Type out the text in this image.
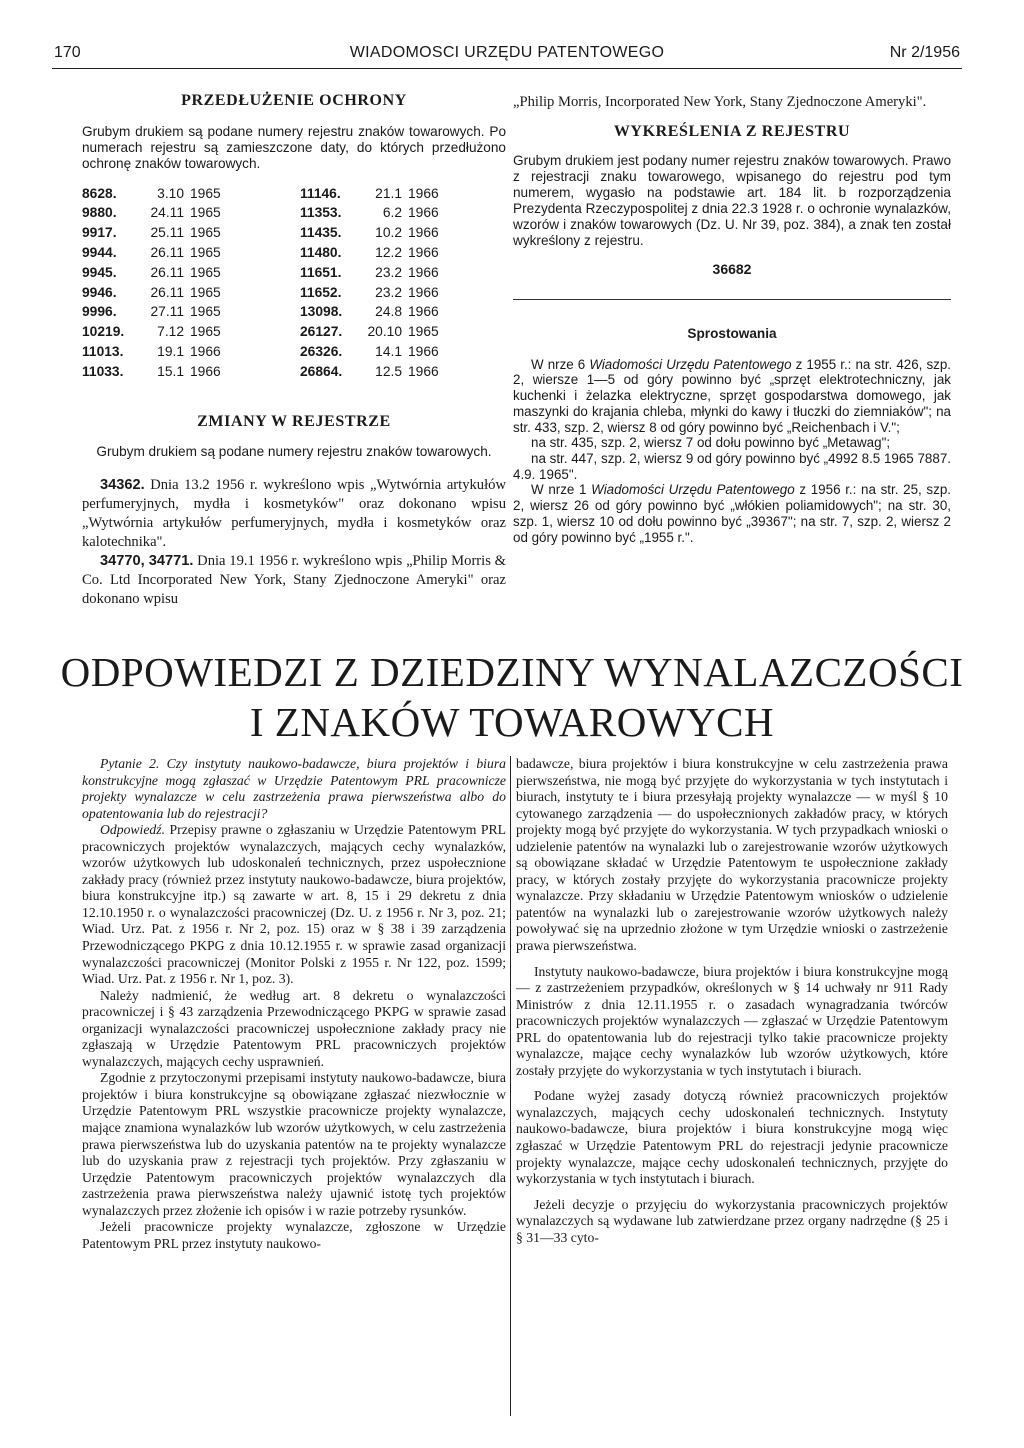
170	WIADOMOSCI URZĘDU PATENTOWEGO	Nr 2/1956

PRZEDŁUŻENIE OCHRONY

Grubym drukiem są podane numery rejestru znaków towarowych. Po numerach rejestru są zamieszczone daty, do których przedłużono ochronę znaków towarowych.

8628.	3.10	1965
9880.	24.11	1965
9917.	25.11	1965
9944.	26.11	1965
9945.	26.11	1965
9946.	26.11	1965
9996.	27.11	1965
10219.	7.12	1965
11013.	19.1	1966
11033.	15.1	1966
11146.	21.1	1966
11353.	6.2	1966
11435.	10.2	1966
11480.	12.2	1966
11651.	23.2	1966
11652.	23.2	1966
13098.	24.8	1966
26127.	20.10	1965
26326.	14.1	1966
26864.	12.5	1966

ZMIANY W REJESTRZE

Grubym drukiem są podane numery rejestru znaków towarowych.

34362. Dnia 13.2 1956 r. wykreślono wpis „Wytwórnia artykułów perfumeryjnych, mydła i kosmetyków" oraz dokonano wpisu „Wytwórnia artykułów perfumeryjnych, mydła i kosmetyków oraz kalotechnika".

34770, 34771. Dnia 19.1 1956 r. wykreślono wpis „Philip Morris & Co. Ltd Incorporated New York, Stany Zjednoczone Ameryki" oraz dokonano wpisu

„Philip Morris, Incorporated New York, Stany Zjednoczone Ameryki".

WYKREŚLENIA Z REJESTRU

Grubym drukiem jest podany numer rejestru znaków towarowych. Prawo z rejestracji znaku towarowego, wpisanego do rejestru pod tym numerem, wygasło na podstawie art. 184 lit. b rozporządzenia Prezydenta Rzeczypospolitej z dnia 22.3 1928 r. o ochronie wynalazków, wzorów i znaków towarowych (Dz. U. Nr 39, poz. 384), a znak ten został wykreślony z rejestru.

36682

Sprostowania

W nrze 6 Wiadomości Urzędu Patentowego z 1955 r.: na str. 426, szp. 2, wiersze 1—5 od góry powinno być „sprzęt elektrotechniczny, jak kuchenki i żelazka elektryczne, sprzęt gospodarstwa domowego, jak maszynki do krajania chleba, młynki do kawy i tłuczki do ziemniaków"; na str. 433, szp. 2, wiersz 8 od góry powinno być „Reichenbach i V.";

na str. 435, szp. 2, wiersz 7 od dołu powinno być „Metawag";

na str. 447, szp. 2, wiersz 9 od góry powinno być „4992 8.5 1965 7887. 4.9. 1965".

W nrze 1 Wiadomości Urzędu Patentowego z 1956 r.: na str. 25, szp. 2, wiersz 26 od góry powinno być „włókien poliamidowych"; na str. 30, szp. 1, wiersz 10 od dołu powinno być „39367"; na str. 7, szp. 2, wiersz 2 od góry powinno być „1955 r.".

ODPOWIEDZI Z DZIEDZINY WYNALAZCZOŚCI
I ZNAKÓW TOWAROWYCH

Pytanie 2. Czy instytuty naukowo-badawcze, biura projektów i biura konstrukcyjne mogą zgłaszać w Urzędzie Patentowym PRL pracownicze projekty wynalazcze w celu zastrzeżenia prawa pierwszeństwa albo do opatentowania lub do rejestracji?

Odpowiedź. Przepisy prawne o zgłaszaniu w Urzędzie Patentowym PRL pracowniczych projektów wynalazczych, mających cechy wynalazków, wzorów użytkowych lub udoskonaleń technicznych, przez uspołecznione zakłady pracy (również przez instytuty naukowo-badawcze, biura projektów, biura konstrukcyjne itp.) są zawarte w art. 8, 15 i 29 dekretu z dnia 12.10.1950 r. o wynalazczości pracowniczej (Dz. U. z 1956 r. Nr 3, poz. 21; Wiad. Urz. Pat. z 1956 r. Nr 2, poz. 15) oraz w § 38 i 39 zarządzenia Przewodniczącego PKPG z dnia 10.12.1955 r. w sprawie zasad organizacji wynalazczości pracowniczej (Monitor Polski z 1955 r. Nr 122, poz. 1599; Wiad. Urz. Pat. z 1956 r. Nr 1, poz. 3).

Należy nadmienić, że według art. 8 dekretu o wynalazczości pracowniczej i § 43 zarządzenia Przewodniczącego PKPG w sprawie zasad organizacji wynalazczości pracowniczej uspołecznione zakłady pracy nie zgłaszają w Urzędzie Patentowym PRL pracowniczych projektów wynalazczych, mających cechy usprawnień.

Zgodnie z przytoczonymi przepisami instytuty naukowo-badawcze, biura projektów i biura konstrukcyjne są obowiązane zgłaszać niezwłocznie w Urzędzie Patentowym PRL wszystkie pracownicze projekty wynalazcze, mające znamiona wynalazków lub wzorów użytkowych, w celu zastrzeżenia prawa pierwszeństwa lub do uzyskania patentów na te projekty wynalazcze lub do uzyskania praw z rejestracji tych projektów. Przy zgłaszaniu w Urzędzie Patentowym pracowniczych projektów wynalazczych dla zastrzeżenia prawa pierwszeństwa należy ujawnić istotę tych projektów wynalazczych przez złożenie ich opisów i w razie potrzeby rysunków.

Jeżeli pracownicze projekty wynalazcze, zgłoszone w Urzędzie Patentowym PRL przez instytuty naukowo-

badawcze, biura projektów i biura konstrukcyjne w celu zastrzeżenia prawa pierwszeństwa, nie mogą być przyjęte do wykorzystania w tych instytutach i biurach, instytuty te i biura przesyłają projekty wynalazcze — w myśl § 10 cytowanego zarządzenia — do uspołecznionych zakładów pracy, w których projekty mogą być przyjęte do wykorzystania. W tych przypadkach wnioski o udzielenie patentów na wynalazki lub o zarejestrowanie wzorów użytkowych są obowiązane składać w Urzędzie Patentowym te uspołecznione zakłady pracy, w których zostały przyjęte do wykorzystania pracownicze projekty wynalazcze. Przy składaniu w Urzędzie Patentowym wniosków o udzielenie patentów na wynalazki lub o zarejestrowanie wzorów użytkowych należy powoływać się na uprzednio złożone w tym Urzędzie wnioski o zastrzeżenie prawa pierwszeństwa.

Instytuty naukowo-badawcze, biura projektów i biura konstrukcyjne mogą — z zastrzeżeniem przypadków, określonych w § 14 uchwały nr 911 Rady Ministrów z dnia 12.11.1955 r. o zasadach wynagradzania twórców pracowniczych projektów wynalazczych — zgłaszać w Urzędzie Patentowym PRL do opatentowania lub do rejestracji tylko takie pracownicze projekty wynalazcze, mające cechy wynalazków lub wzorów użytkowych, które zostały przyjęte do wykorzystania w tych instytutach i biurach.

Podane wyżej zasady dotyczą również pracowniczych projektów wynalazczych, mających cechy udoskonaleń technicznych. Instytuty naukowo-badawcze, biura projektów i biura konstrukcyjne mogą więc zgłaszać w Urzędzie Patentowym PRL do rejestracji jedynie pracownicze projekty wynalazcze, mające cechy udoskonaleń technicznych, przyjęte do wykorzystania w tych instytutach i biurach.

Jeżeli decyzje o przyjęciu do wykorzystania pracowniczych projektów wynalazczych są wydawane lub zatwierdzane przez organy nadrzędne (§ 25 i § 31—33 cyto-
